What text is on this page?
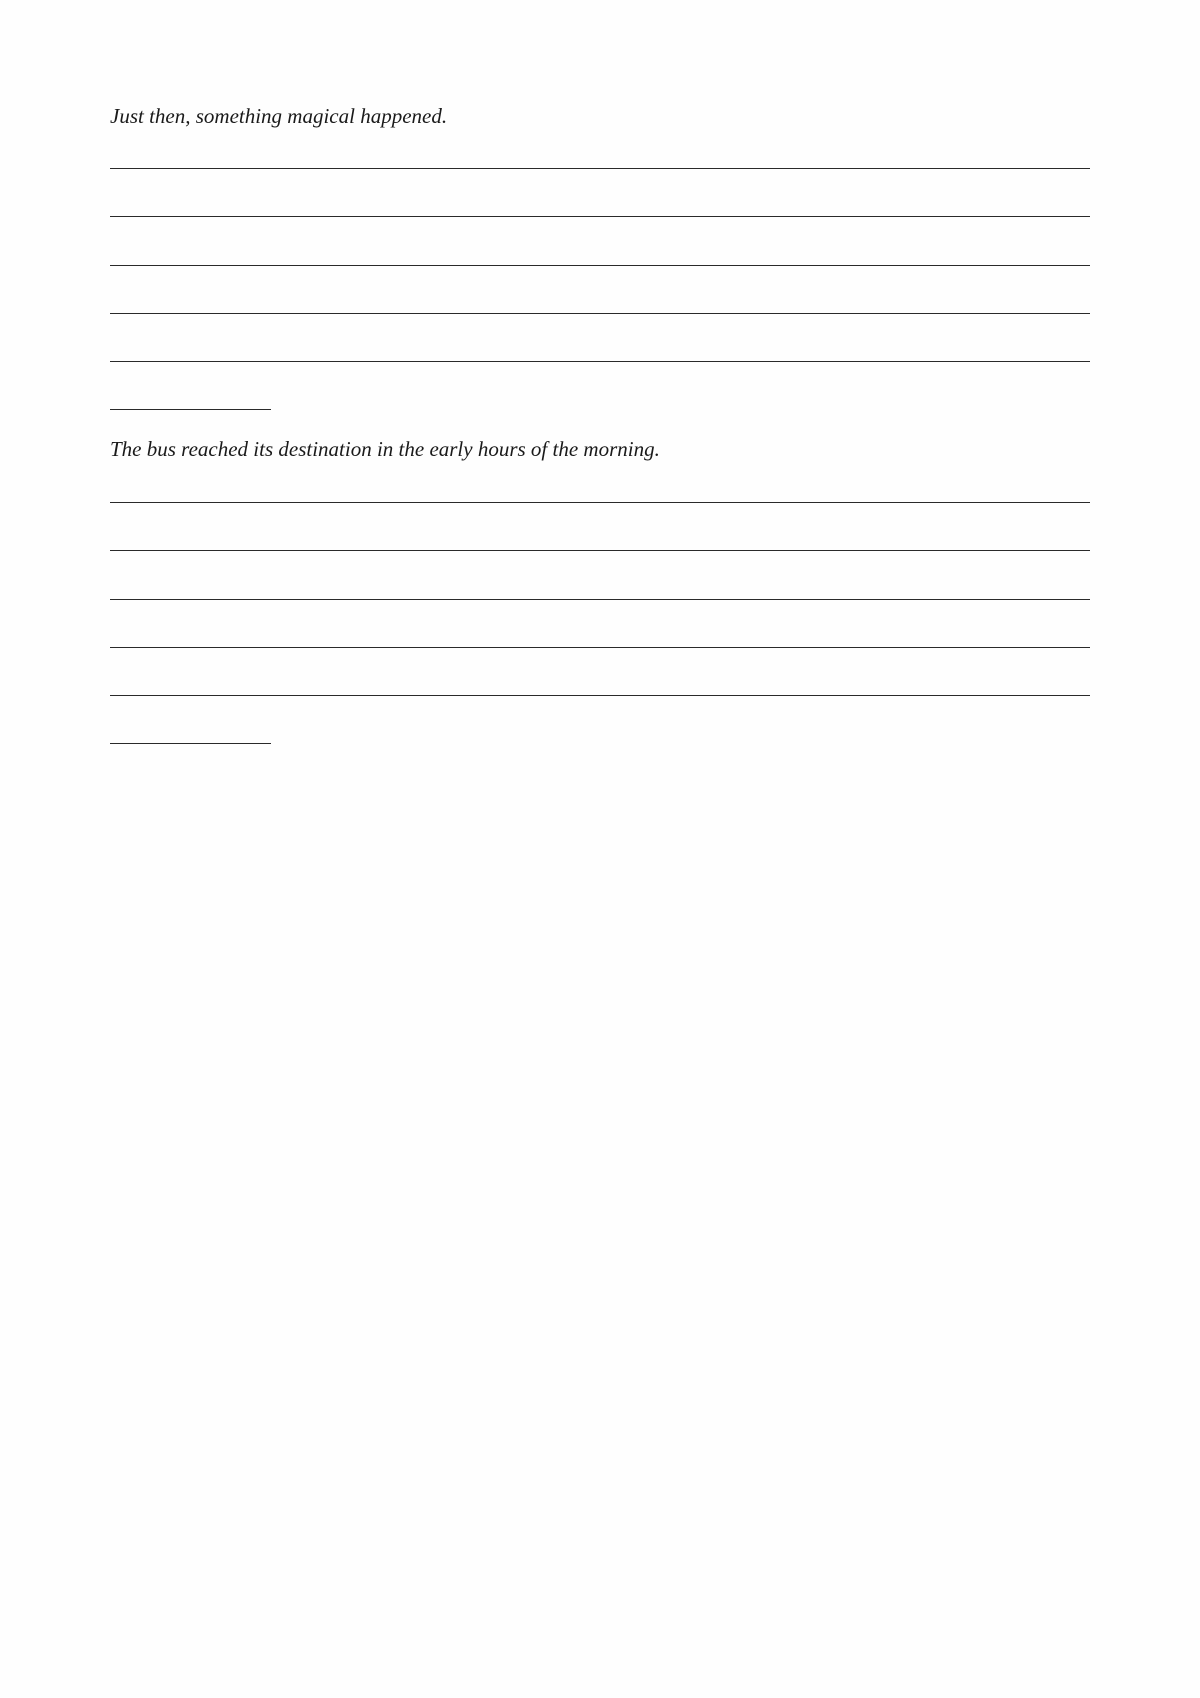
Just then, something magical happened.
The bus reached its destination in the early hours of the morning.
